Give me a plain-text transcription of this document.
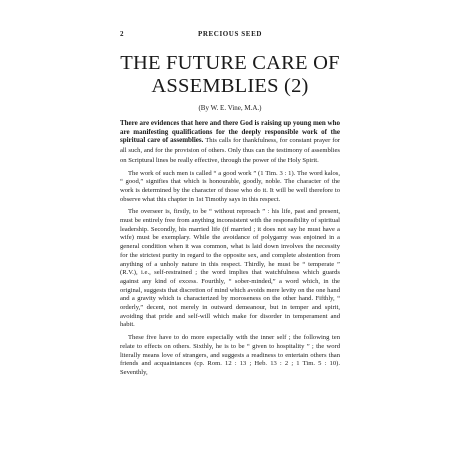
2	PRECIOUS SEED
THE FUTURE CARE OF
ASSEMBLIES (2)
(By W. E. Vine, M.A.)

There are evidences that here and there God is raising up young men who are manifesting qualifications for the deeply responsible work of the spiritual care of assemblies. This calls for thankfulness, for constant prayer for all such, and for the provision of others. Only thus can the testimony of assemblies on Scriptural lines be really effective, through the power of the Holy Spirit.

The work of such men is called “ a good work ” (1 Tim. 3 : 1). The word kalos, “ good,” signifies that which is honourable, goodly, noble. The character of the work is determined by the character of those who do it. It will be well therefore to observe what this chapter in 1st Timothy says in this respect.

The overseer is, firstly, to be “ without reproach ” : his life, past and present, must be entirely free from anything inconsistent with the responsibility of spiritual leadership. Secondly, his married life (if married ; it does not say he must have a wife) must be exemplary. While the avoidance of polygamy was enjoined in a general condition when it was common, what is laid down involves the necessity for the strictest purity in regard to the opposite sex, and complete abstention from anything of a unholy nature in this respect. Thirdly, he must be “ temperate ” (R.V.), i.e., self-restrained ; the word implies that watchfulness which guards against any kind of excess. Fourthly, “ sober-minded,” a word which, in the original, suggests that discretion of mind which avoids mere levity on the one hand and a gravity which is characterized by moroseness on the other hand. Fifthly, “ orderly,” decent, not merely in outward demeanour, but in temper and spirit, avoiding that pride and self-will which make for disorder in temperament and habit.

These five have to do more especially with the inner self ; the following ten relate to effects on others. Sixthly, he is to be “ given to hospitality ” ; the word literally means love of strangers, and suggests a readiness to entertain others than friends and acquaintances (cp. Rom. 12 : 13 ; Heb. 13 : 2 ; 1 Tim. 5 : 10). Seventhly,
